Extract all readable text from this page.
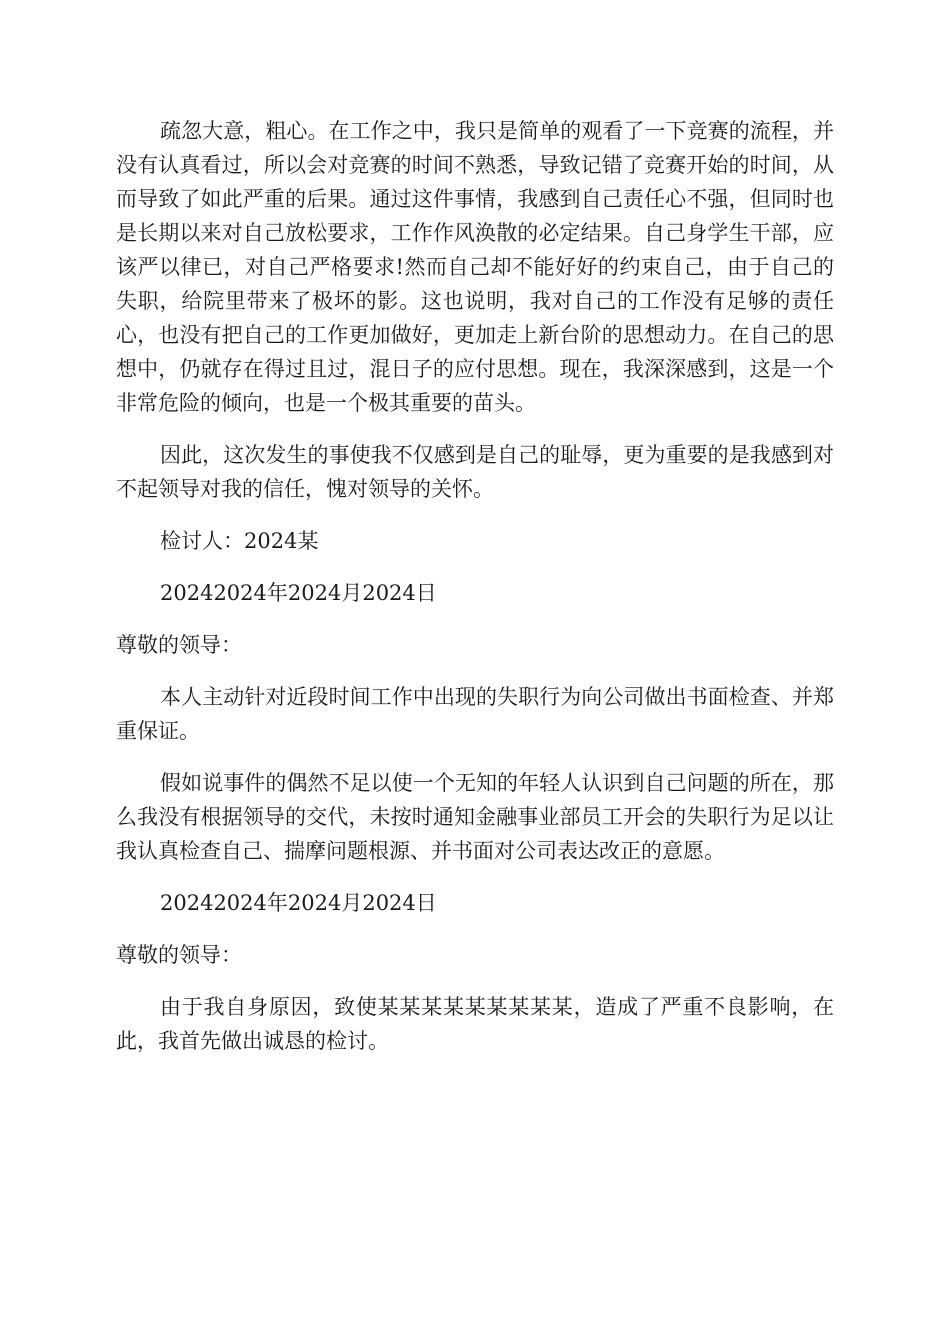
疏忽大意，粗心。在工作之中，我只是简单的观看了一下竞赛的流程，并没有认真看过，所以会对竞赛的时间不熟悉，导致记错了竞赛开始的时间，从而导致了如此严重的后果。通过这件事情，我感到自己责任心不强，但同时也是长期以来对自己放松要求，工作作风涣散的必定结果。自己身学生干部，应该严以律已，对自己严格要求!然而自己却不能好好的约束自己，由于自己的失职，给院里带来了极坏的影。这也说明，我对自己的工作没有足够的责任心，也没有把自己的工作更加做好，更加走上新台阶的思想动力。在自己的思想中，仍就存在得过且过，混日子的应付思想。现在，我深深感到，这是一个非常危险的倾向，也是一个极其重要的苗头。

因此，这次发生的事使我不仅感到是自己的耻辱，更为重要的是我感到对不起领导对我的信任，愧对领导的关怀。

检讨人：2024某

20242024年2024月2024日

尊敬的领导：

本人主动针对近段时间工作中出现的失职行为向公司做出书面检查、并郑重保证。

假如说事件的偶然不足以使一个无知的年轻人认识到自己问题的所在，那么我没有根据领导的交代，未按时通知金融事业部员工开会的失职行为足以让我认真检查自己、揣摩问题根源、并书面对公司表达改正的意愿。

20242024年2024月2024日

尊敬的领导：

由于我自身原因，致使某某某某某某某某某，造成了严重不良影响，在此，我首先做出诚恳的检讨。
